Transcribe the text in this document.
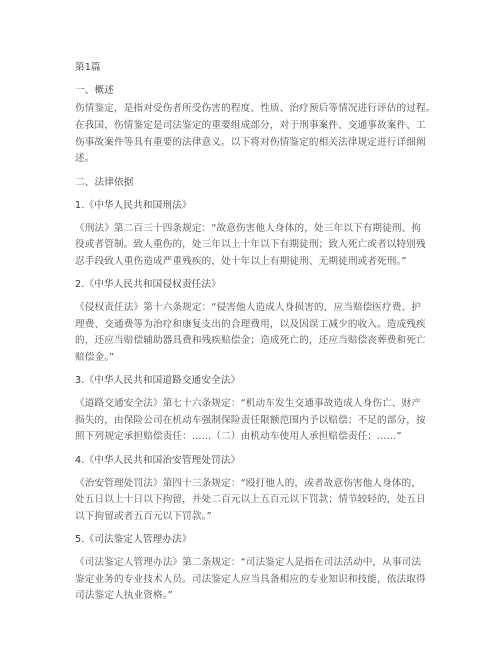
第1篇
一、概述
伤情鉴定，是指对受伤者所受伤害的程度、性质、治疗预后等情况进行评估的过程。
在我国，伤情鉴定是司法鉴定的重要组成部分，对于刑事案件、交通事故案件、工
伤事故案件等具有重要的法律意义。以下将对伤情鉴定的相关法律规定进行详细阐
述。
二、法律依据
1.《中华人民共和国刑法》
《刑法》第二百三十四条规定：“故意伤害他人身体的，处三年以下有期徒刑、拘
役或者管制。致人重伤的，处三年以上十年以下有期徒刑；致人死亡或者以特别残
忍手段致人重伤造成严重残疾的，处十年以上有期徒刑、无期徒刑或者死刑。”
2.《中华人民共和国侵权责任法》
《侵权责任法》第十六条规定：“侵害他人造成人身损害的，应当赔偿医疗费、护
理费、交通费等为治疗和康复支出的合理费用，以及因误工减少的收入。造成残疾
的，还应当赔偿辅助器具费和残疾赔偿金；造成死亡的，还应当赔偿丧葬费和死亡
赔偿金。”
3.《中华人民共和国道路交通安全法》
《道路交通安全法》第七十六条规定：“机动车发生交通事故造成人身伤亡、财产
损失的，由保险公司在机动车强制保险责任限额范围内予以赔偿；不足的部分，按
照下列规定承担赔偿责任：……（二）由机动车使用人承担赔偿责任；……”
4.《中华人民共和国治安管理处罚法》
《治安管理处罚法》第四十三条规定：“殴打他人的，或者故意伤害他人身体的，
处五日以上十日以下拘留，并处二百元以上五百元以下罚款；情节较轻的，处五日
以下拘留或者五百元以下罚款。”
5.《司法鉴定人管理办法》
《司法鉴定人管理办法》第二条规定：“司法鉴定人是指在司法活动中，从事司法
鉴定业务的专业技术人员。司法鉴定人应当具备相应的专业知识和技能，依法取得
司法鉴定人执业资格。”
